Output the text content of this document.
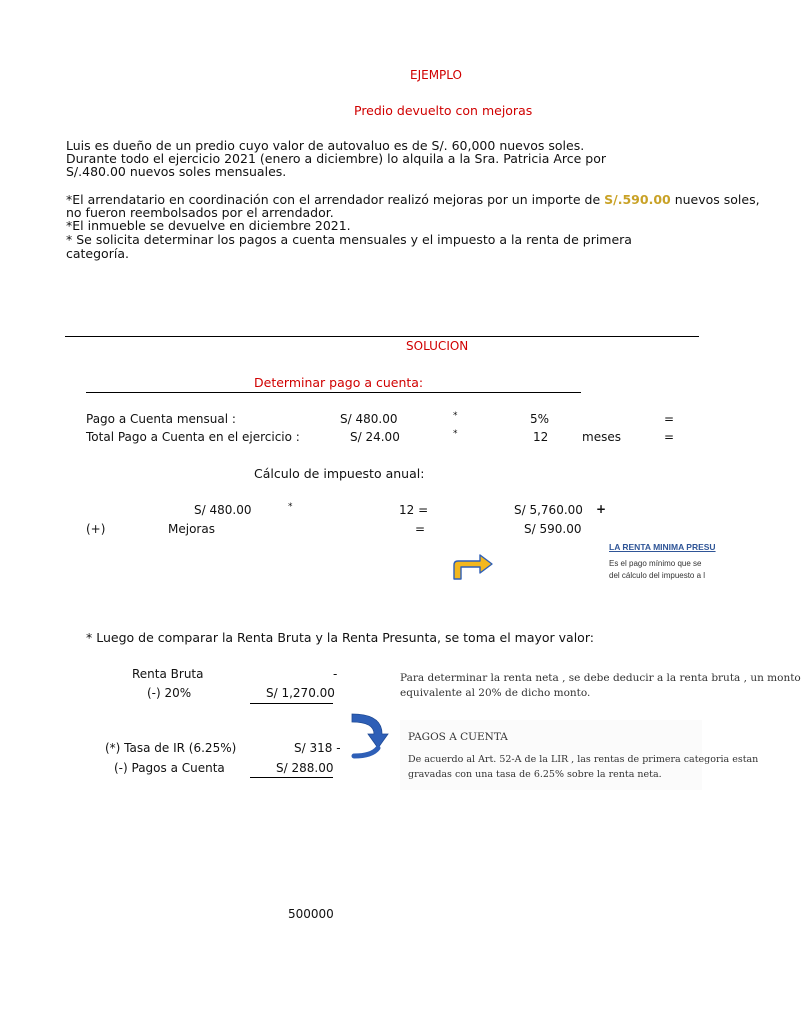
EJEMPLO
Predio devuelto con mejoras
Luis es dueño de un predio cuyo valor de autovaluo es de S/. 60,000 nuevos soles.
Durante todo el ejercicio 2021 (enero a diciembre) lo alquila a la Sra. Patricia Arce por
S/.480.00 nuevos soles mensuales.
*El arrendatario en coordinación con el arrendador realizó mejoras por un importe de S/.590.00 nuevos soles,
no fueron reembolsados por el arrendador.
*El inmueble se devuelve en diciembre 2021.
* Se solicita determinar los pagos a cuenta mensuales y el impuesto a la renta de primera
categoría.
SOLUCION
Determinar pago a cuenta:
Pago a Cuenta mensual :	S/ 480.00	*	5%	=
Total Pago a Cuenta en el ejercicio :	S/ 24.00	*	12	meses	=
Cálculo de impuesto anual:
S/ 480.00	*	12 =	S/ 5,760.00 +
(+)	Mejoras	=	S/ 590.00
LA RENTA MINIMA PRESU
Es el pago mínimo que se
del cálculo del impuesto a l
* Luego de comparar la Renta Bruta y la Renta Presunta, se toma el mayor valor:
Renta Bruta	-
(-) 20%	S/ 1,270.00
Para determinar la renta neta , se debe deducir a la renta bruta , un monto
equivalente al 20% de dicho monto.
PAGOS A CUENTA
De acuerdo al Art. 52-A de la LIR , las rentas de primera categoria estan
gravadas con una tasa de 6.25% sobre la renta neta.
(*) Tasa de IR (6.25%)	S/ 318 -
(-) Pagos a Cuenta	S/ 288.00
500000
